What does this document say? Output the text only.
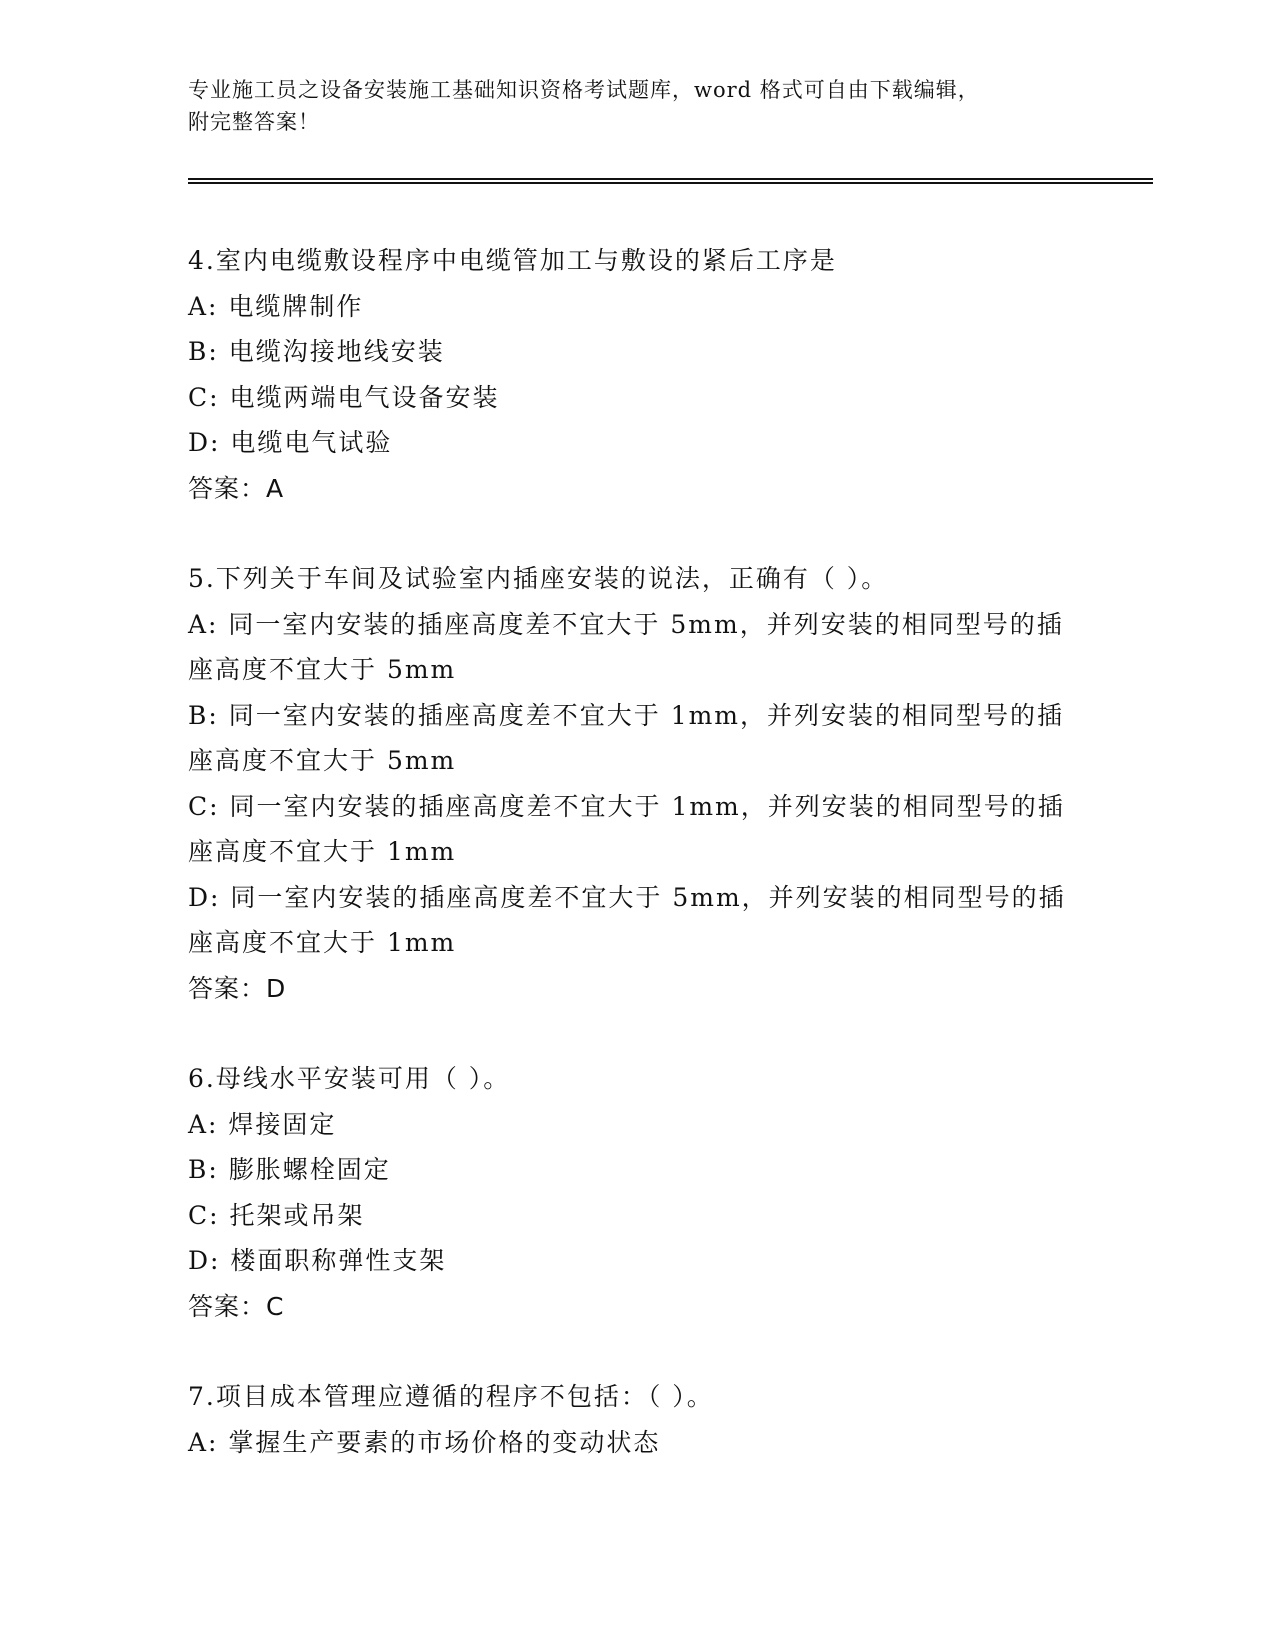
专业施工员之设备安装施工基础知识资格考试题库，word 格式可自由下载编辑，
附完整答案！
4.室内电缆敷设程序中电缆管加工与敷设的紧后工序是
A: 电缆牌制作
B: 电缆沟接地线安装
C: 电缆两端电气设备安装
D: 电缆电气试验
答案：A
5.下列关于车间及试验室内插座安装的说法，正确有（ ）。
A: 同一室内安装的插座高度差不宜大于 5mm，并列安装的相同型号的插座高度不宜大于 5mm
B: 同一室内安装的插座高度差不宜大于 1mm，并列安装的相同型号的插座高度不宜大于 5mm
C: 同一室内安装的插座高度差不宜大于 1mm，并列安装的相同型号的插座高度不宜大于 1mm
D: 同一室内安装的插座高度差不宜大于 5mm，并列安装的相同型号的插座高度不宜大于 1mm
答案：D
6.母线水平安装可用（ ）。
A: 焊接固定
B: 膨胀螺栓固定
C: 托架或吊架
D: 楼面职称弹性支架
答案：C
7.项目成本管理应遵循的程序不包括：（ ）。
A: 掌握生产要素的市场价格的变动状态
